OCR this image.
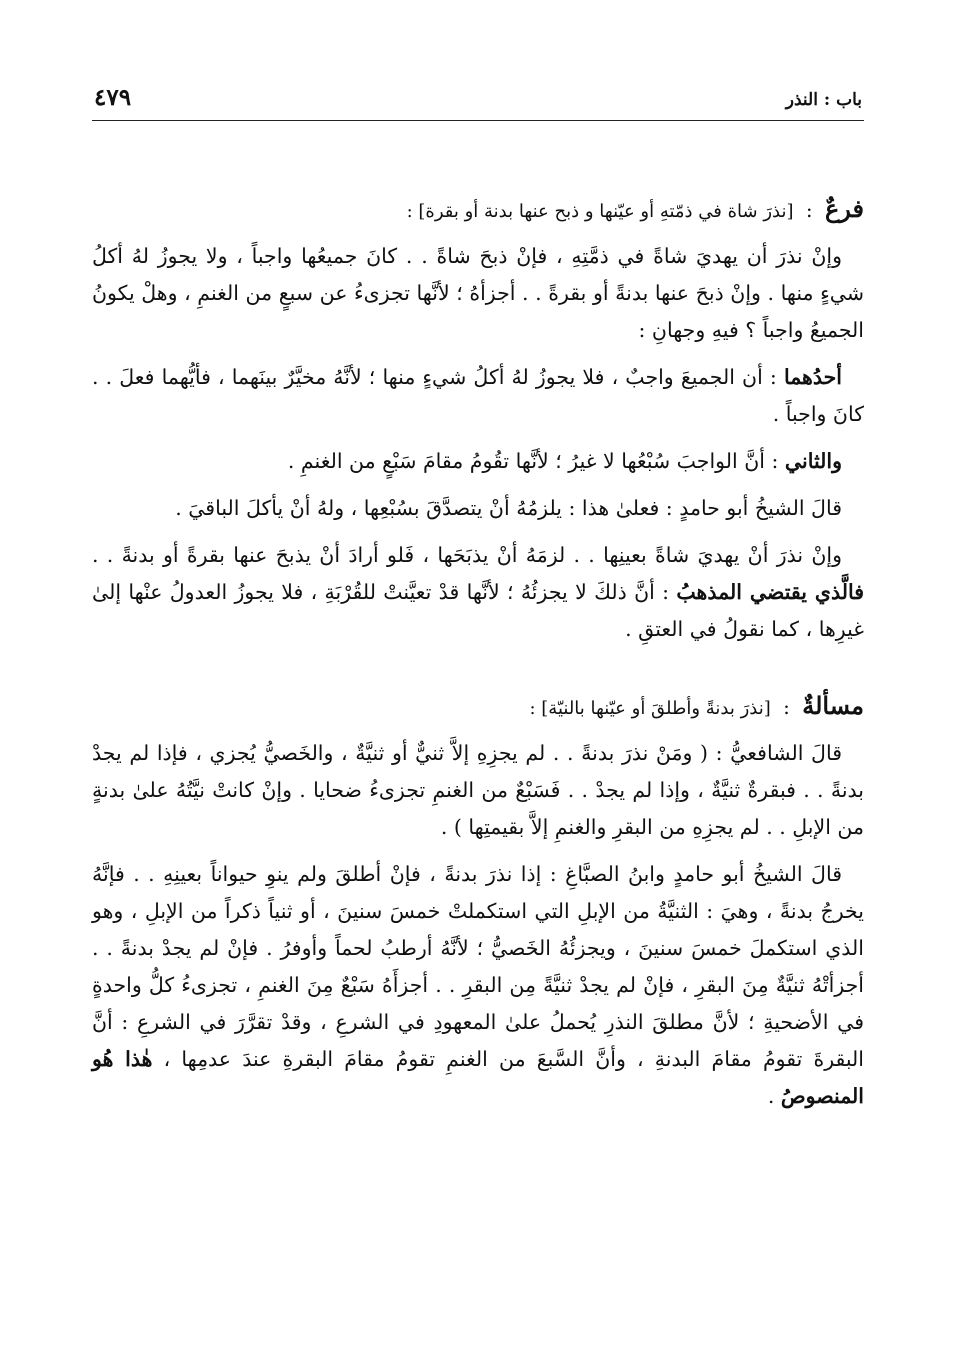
باب : النذر
٤٧٩
فرعٌ : [نذرَ شاة في ذمّتهِ أو عيّنها و ذبح عنها بدنة أو بقرة] :

وإنْ نذرَ أن يهديَ شاةً في ذمَّتِهِ ، فإنْ ذبحَ شاةً . . كانَ جميعُها واجباً ، ولا يجوزُ لهُ أكلُ شيءٍ منها . وإنْ ذبحَ عنها بدنةً أو بقرةً . . أجزأهُ ؛ لأنَّها تجزىءُ عن سبعٍ من الغنمِ ، وهلْ يكونُ الجميعُ واجباً ؟ فيهِ وجهانِ :

أحدُهما : أن الجميعَ واجبٌ ، فلا يجوزُ لهُ أكلُ شيءٍ منها ؛ لأنَّهُ مخيَّرٌ بينَهما ، فأيُّهما فعلَ . . كانَ واجباً .

والثاني : أنَّ الواجبَ سُبْعُها لا غيرُ ؛ لأنَّها تقُومُ مقامَ سَبْعٍ من الغنمِ .

قالَ الشيخُ أبو حامدٍ : فعلىٰ هذا : يلزمُهُ أنْ يتصدَّقَ بسُبْعِها ، ولهُ أنْ يأكلَ الباقيَ .

وإنْ نذرَ أنْ يهديَ شاةً بعينِها . . لزمَهُ أنْ يذبَحَها ، فَلو أرادَ أنْ يذبحَ عنها بقرةً أو بدنةً . . فالَّذي يقتضي المذهبُ : أنَّ ذلكَ لا يجزئُهُ ؛ لأنَّها قدْ تعيَّنتْ للقُرْبَةِ ، فلا يجوزُ العدولُ عنْها إلىٰ غيرِها ، كما نقولُ في العتقِ .

مسألةٌ : [نذرَ بدنةً وأطلقَ أو عيّنها بالنيّة] :

قالَ الشافعيُّ : ( ومَنْ نذرَ بدنةً . . لم يجزِهِ إلاَّ ثنيٌّ أو ثنيَّةٌ ، والخَصيُّ يُجزي ، فإذا لم يجدْ بدنةً . . فبقرةٌ ثنيَّةٌ ، وإذا لم يجدْ . . فَسَبْعٌ من الغنمِ تجزىءُ ضحايا . وإنْ كانتْ نيَّتُهُ علىٰ بدنةٍ من الإبلِ . . لم يجزِهِ من البقرِ والغنمِ إلاَّ بقيمتِها ) .

قالَ الشيخُ أبو حامدٍ وابنُ الصبَّاغِ : إذا نذرَ بدنةً ، فإنْ أطلقَ ولم ينوِ حيواناً بعينِهِ . . فإنَّهُ يخرجُ بدنةً ، وهيَ : الثنيَّةُ من الإبلِ التي استكملتْ خمسَ سنينَ ، أو ثنياً ذكراً من الإبلِ ، وهو الذي استكملَ خمسَ سنينَ ، ويجزئُهُ الخَصيُّ ؛ لأنَّهُ أرطبُ لحماً وأوفرُ . فإنْ لم يجدْ بدنةً . . أجزأتْهُ ثنيَّةٌ مِنَ البقرِ ، فإنْ لم يجدْ ثنيَّةً مِن البقرِ . . أجزأَهُ سَبْعٌ مِنَ الغنمِ ، تجزىءُ كلُّ واحدةٍ في الأضحيةِ ؛ لأنَّ مطلقَ النذرِ يُحملُ علىٰ المعهودِ في الشرعِ ، وقدْ تقرَّرَ في الشرعِ : أنَّ البقرةَ تقومُ مقامَ البدنةِ ، وأنَّ السَّبعَ من الغنمِ تقومُ مقامَ البقرةِ عندَ عدمِها ، هٰذا هُو المنصوصُ .
